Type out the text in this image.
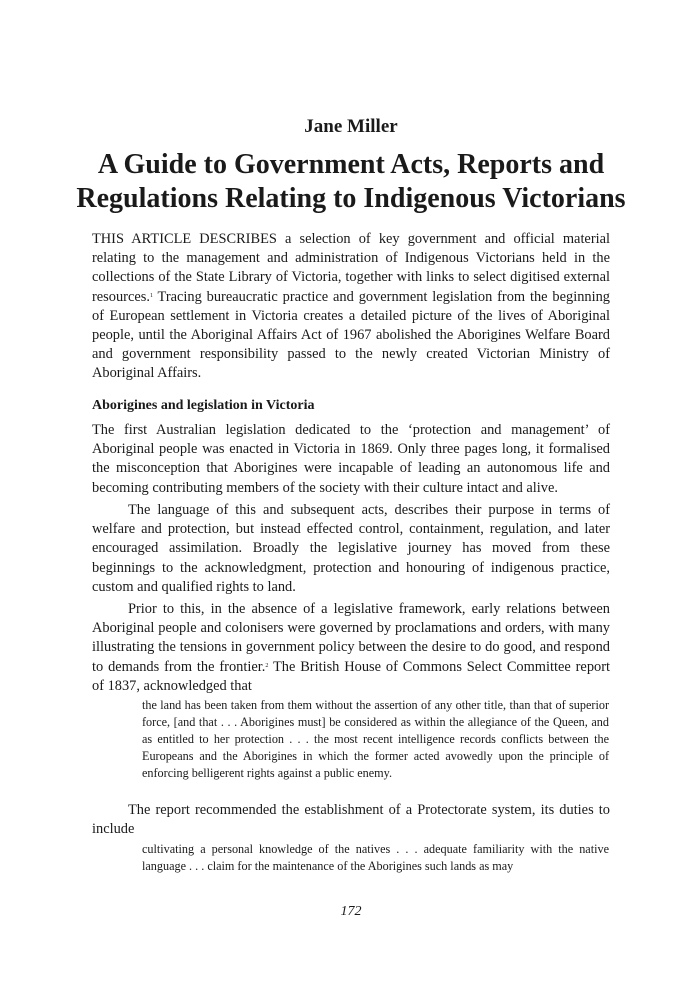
Jane Miller
A Guide to Government Acts, Reports and Regulations Relating to Indigenous Victorians

THIS ARTICLE DESCRIBES a selection of key government and official material relating to the management and administration of Indigenous Victorians held in the collections of the State Library of Victoria, together with links to select digitised external resources.$^1$ Tracing bureaucratic practice and government legislation from the beginning of European settlement in Victoria creates a detailed picture of the lives of Aboriginal people, until the Aboriginal Affairs Act of 1967 abolished the Aborigines Welfare Board and government responsibility passed to the newly created Victorian Ministry of Aboriginal Affairs.

Aborigines and legislation in Victoria

The first Australian legislation dedicated to the ‘protection and management’ of Aboriginal people was enacted in Victoria in 1869. Only three pages long, it formalised the misconception that Aborigines were incapable of leading an autonomous life and becoming contributing members of the society with their culture intact and alive.

The language of this and subsequent acts, describes their purpose in terms of welfare and protection, but instead effected control, containment, regulation, and later encouraged assimilation. Broadly the legislative journey has moved from these beginnings to the acknowledgment, protection and honouring of indigenous practice, custom and qualified rights to land.

Prior to this, in the absence of a legislative framework, early relations between Aboriginal people and colonisers were governed by proclamations and orders, with many illustrating the tensions in government policy between the desire to do good, and respond to demands from the frontier.$^2$ The British House of Commons Select Committee report of 1837, acknowledged that

the land has been taken from them without the assertion of any other title, than that of superior force, [and that . . . Aborigines must] be considered as within the allegiance of the Queen, and as entitled to her protection . . . the most recent intelligence records conflicts between the Europeans and the Aborigines in which the former acted avowedly upon the principle of enforcing belligerent rights against a public enemy.

The report recommended the establishment of a Protectorate system, its duties to include

cultivating a personal knowledge of the natives . . . adequate familiarity with the native language . . . claim for the maintenance of the Aborigines such lands as may

172
